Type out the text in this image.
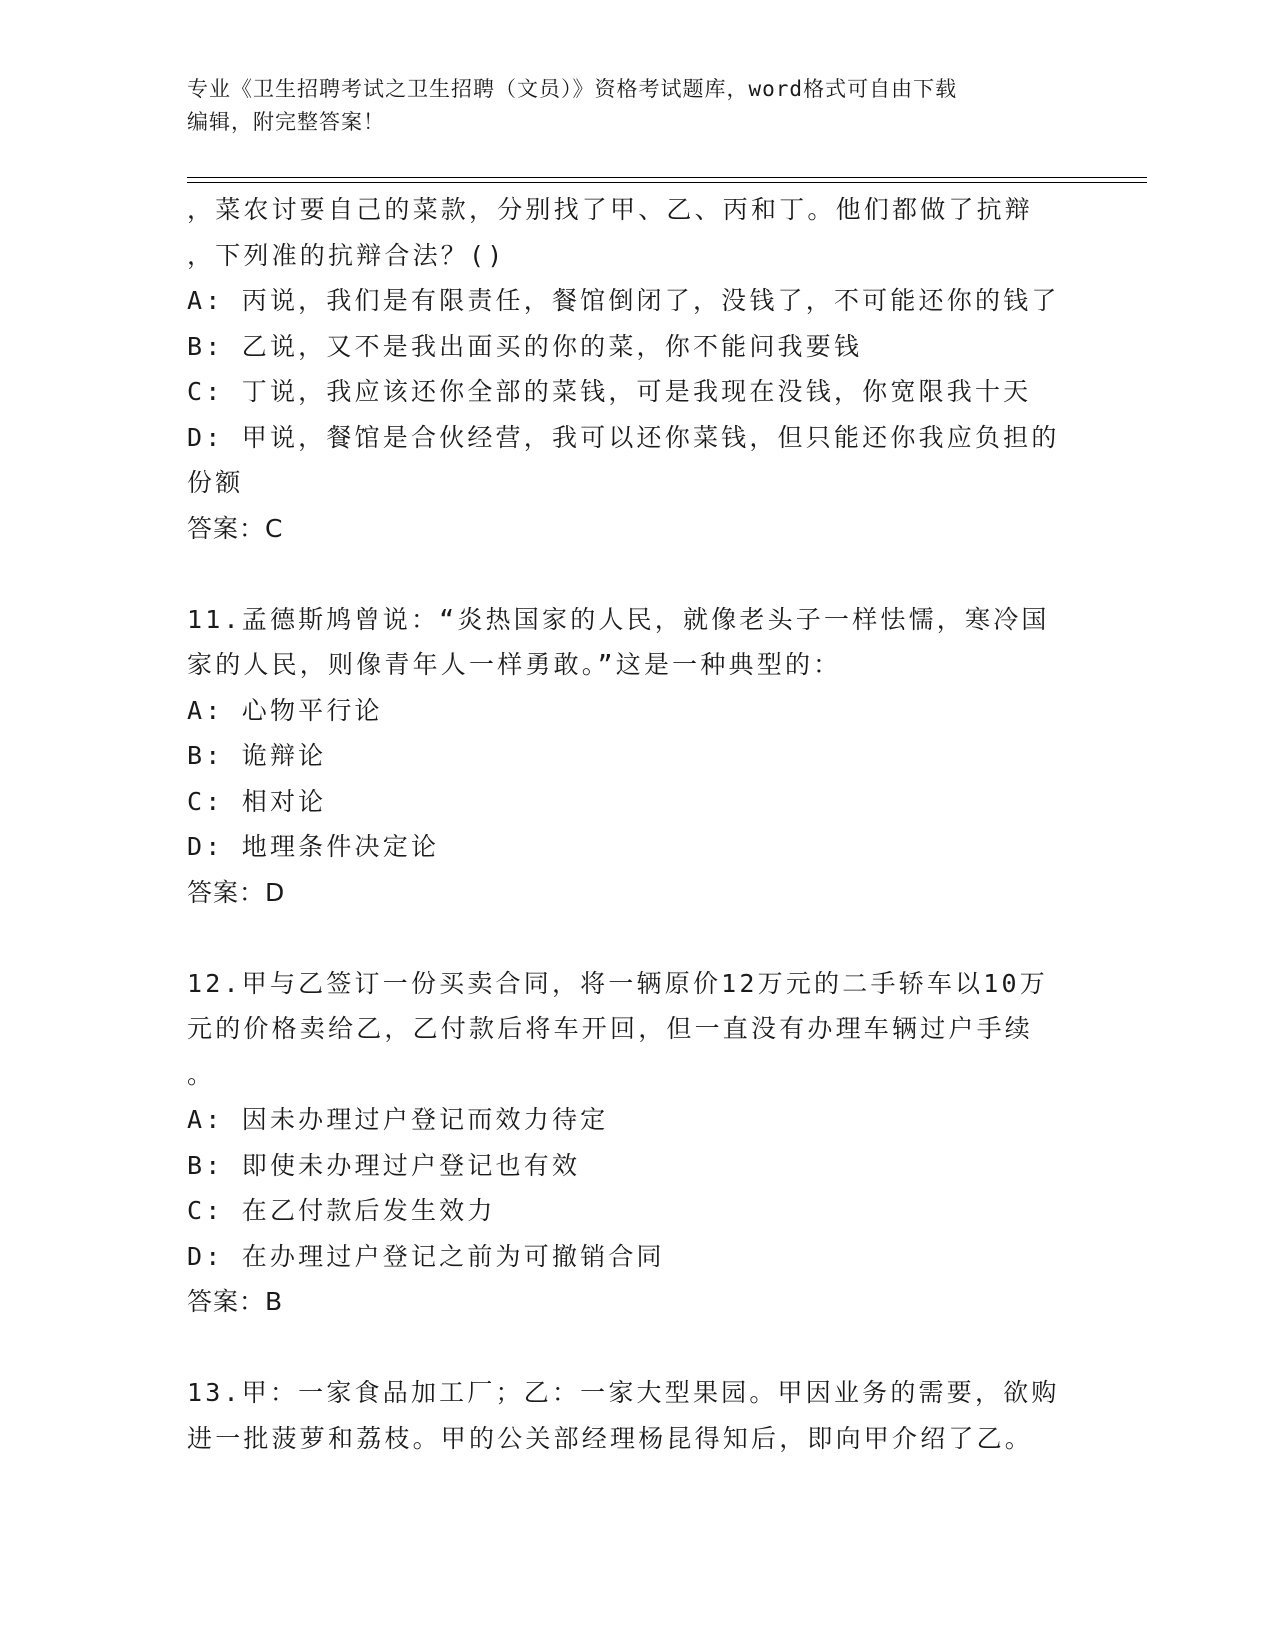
专业《卫生招聘考试之卫生招聘（文员）》资格考试题库，word格式可自由下载
编辑，附完整答案！
，菜农讨要自己的菜款，分别找了甲、乙、丙和丁。他们都做了抗辩
，下列准的抗辩合法？()
A: 丙说，我们是有限责任，餐馆倒闭了，没钱了，不可能还你的钱了
B: 乙说，又不是我出面买的你的菜，你不能问我要钱
C: 丁说，我应该还你全部的菜钱，可是我现在没钱，你宽限我十天
D: 甲说，餐馆是合伙经营，我可以还你菜钱，但只能还你我应负担的
份额
答案：C
11.孟德斯鸠曾说：“炎热国家的人民，就像老头子一样怯懦，寒冷国
家的人民，则像青年人一样勇敢。”这是一种典型的：
A: 心物平行论
B: 诡辩论
C: 相对论
D: 地理条件决定论
答案：D
12.甲与乙签订一份买卖合同，将一辆原价12万元的二手轿车以10万
元的价格卖给乙，乙付款后将车开回，但一直没有办理车辆过户手续
。
A: 因未办理过户登记而效力待定
B: 即使未办理过户登记也有效
C: 在乙付款后发生效力
D: 在办理过户登记之前为可撤销合同
答案：B
13.甲：一家食品加工厂；乙：一家大型果园。甲因业务的需要，欲购
进一批菠萝和荔枝。甲的公关部经理杨昆得知后，即向甲介绍了乙。
